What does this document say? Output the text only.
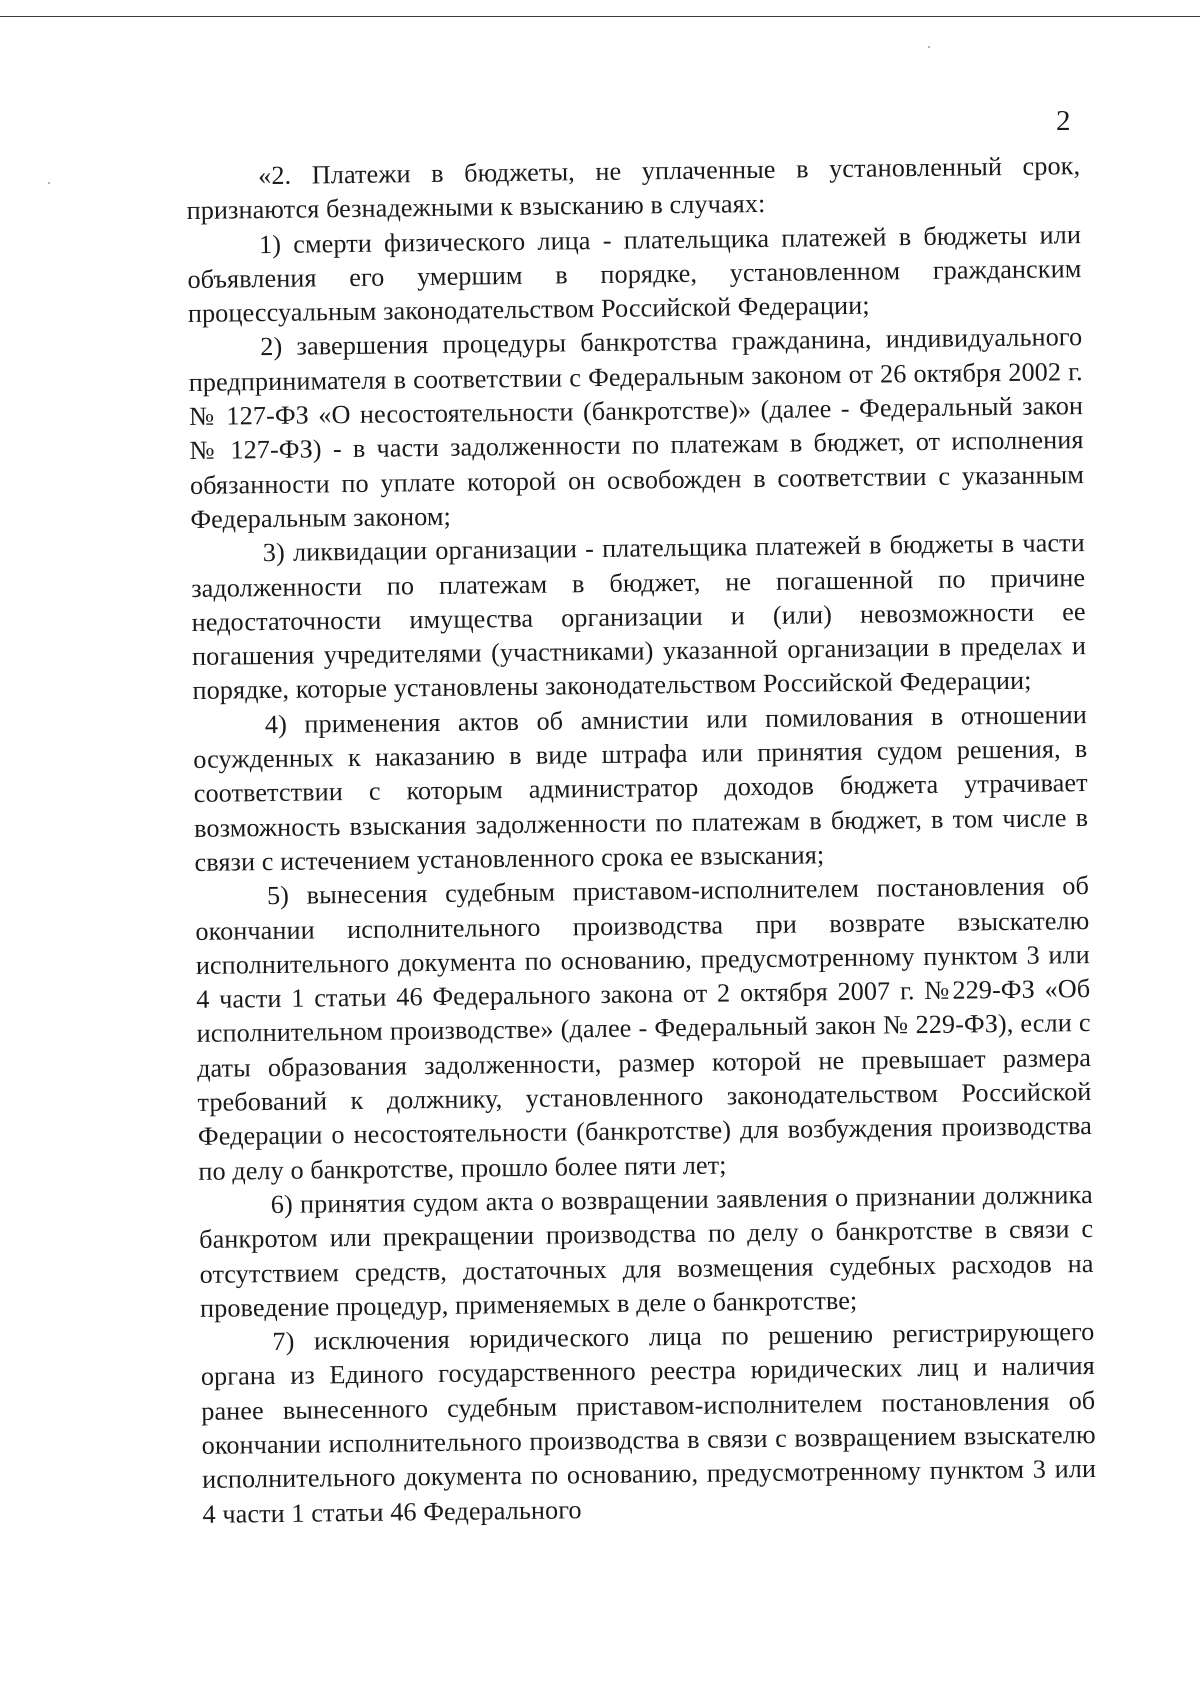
2

«2. Платежи в бюджеты, не уплаченные в установленный срок, признаются безнадежными к взысканию в случаях:

1) смерти физического лица - плательщика платежей в бюджеты или объявления его умершим в порядке, установленном гражданским процессуальным законодательством Российской Федерации;

2) завершения процедуры банкротства гражданина, индивидуального предпринимателя в соответствии с Федеральным законом от 26 октября 2002 г. № 127-ФЗ «О несостоятельности (банкротстве)» (далее - Федеральный закон № 127-ФЗ) - в части задолженности по платежам в бюджет, от исполнения обязанности по уплате которой он освобожден в соответствии с указанным Федеральным законом;

3) ликвидации организации - плательщика платежей в бюджеты в части задолженности по платежам в бюджет, не погашенной по причине недостаточности имущества организации и (или) невозможности ее погашения учредителями (участниками) указанной организации в пределах и порядке, которые установлены законодательством Российской Федерации;

4) применения актов об амнистии или помилования в отношении осужденных к наказанию в виде штрафа или принятия судом решения, в соответствии с которым администратор доходов бюджета утрачивает возможность взыскания задолженности по платежам в бюджет, в том числе в связи с истечением установленного срока ее взыскания;

5) вынесения судебным приставом-исполнителем постановления об окончании исполнительного производства при возврате взыскателю исполнительного документа по основанию, предусмотренному пунктом 3 или 4 части 1 статьи 46 Федерального закона от 2 октября 2007 г. №229-ФЗ «Об исполнительном производстве» (далее - Федеральный закон № 229-ФЗ), если с даты образования задолженности, размер которой не превышает размера требований к должнику, установленного законодательством Российской Федерации о несостоятельности (банкротстве) для возбуждения производства по делу о банкротстве, прошло более пяти лет;

6) принятия судом акта о возвращении заявления о признании должника банкротом или прекращении производства по делу о банкротстве в связи с отсутствием средств, достаточных для возмещения судебных расходов на проведение процедур, применяемых в деле о банкротстве;

7) исключения юридического лица по решению регистрирующего органа из Единого государственного реестра юридических лиц и наличия ранее вынесенного судебным приставом-исполнителем постановления об окончании исполнительного производства в связи с возвращением взыскателю исполнительного документа по основанию, предусмотренному пунктом 3 или 4 части 1 статьи 46 Федерального
